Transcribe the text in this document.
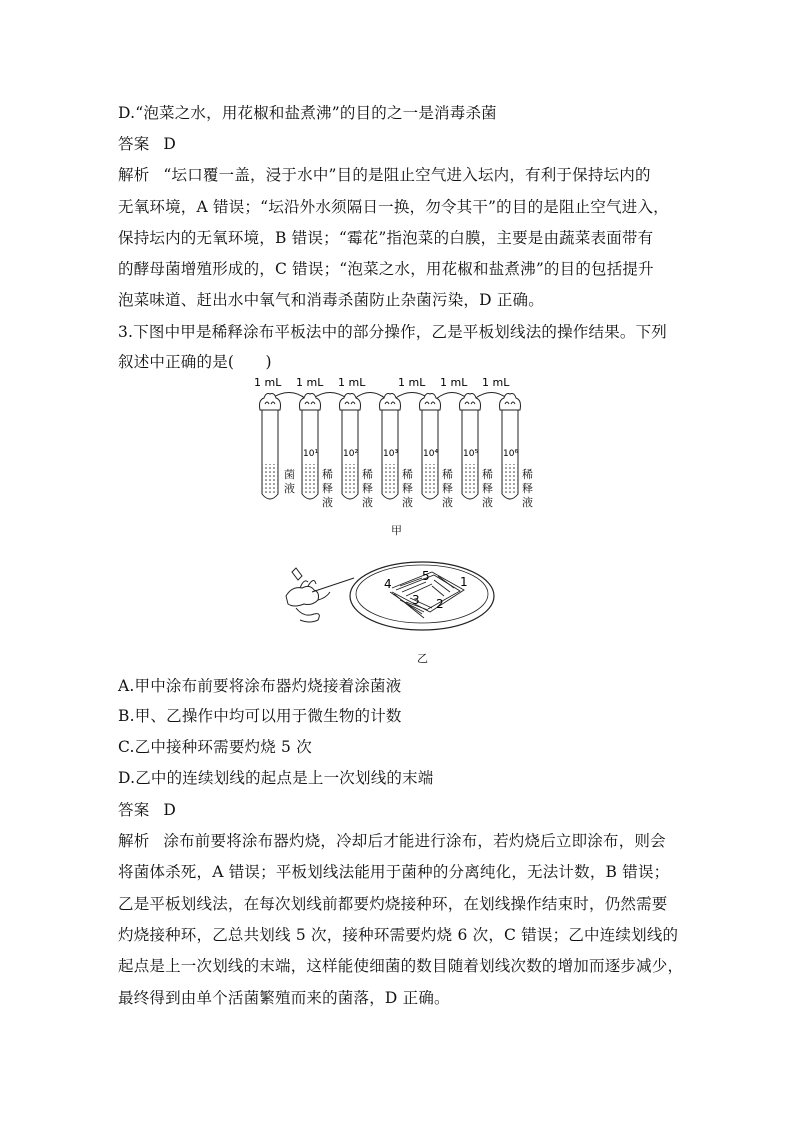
D.“泡菜之水，用花椒和盐煮沸”的目的之一是消毒杀菌
答案 D
解析 “坛口覆一盖，浸于水中”目的是阻止空气进入坛内，有利于保持坛内的
无氧环境，A 错误；“坛沿外水须隔日一换，勿令其干”的目的是阻止空气进入，
保持坛内的无氧环境，B 错误；“霉花”指泡菜的白膜，主要是由蔬菜表面带有
的酵母菌增殖形成的，C 错误；“泡菜之水，用花椒和盐煮沸”的目的包括提升
泡菜味道、赶出水中氧气和消毒杀菌防止杂菌污染，D 正确。
3.下图中甲是稀释涂布平板法中的部分操作，乙是平板划线法的操作结果。下列
叙述中正确的是(　　)
1 mL 1 mL 1 mL	1 mL 1 mL 1 mL
10¹	10²	10³	10⁴	10⁵	10⁶
菌液
稀释液
稀释液
稀释液
稀释液
稀释液
稀释液
甲
1
2
3
4
5
乙
A.甲中涂布前要将涂布器灼烧接着涂菌液
B.甲、乙操作中均可以用于微生物的计数
C.乙中接种环需要灼烧 5 次
D.乙中的连续划线的起点是上一次划线的末端
答案 D
解析 涂布前要将涂布器灼烧，冷却后才能进行涂布，若灼烧后立即涂布，则会
将菌体杀死，A 错误；平板划线法能用于菌种的分离纯化，无法计数，B 错误；
乙是平板划线法，在每次划线前都要灼烧接种环，在划线操作结束时，仍然需要
灼烧接种环，乙总共划线 5 次，接种环需要灼烧 6 次，C 错误；乙中连续划线的
起点是上一次划线的末端，这样能使细菌的数目随着划线次数的增加而逐步减少，
最终得到由单个活菌繁殖而来的菌落，D 正确。
